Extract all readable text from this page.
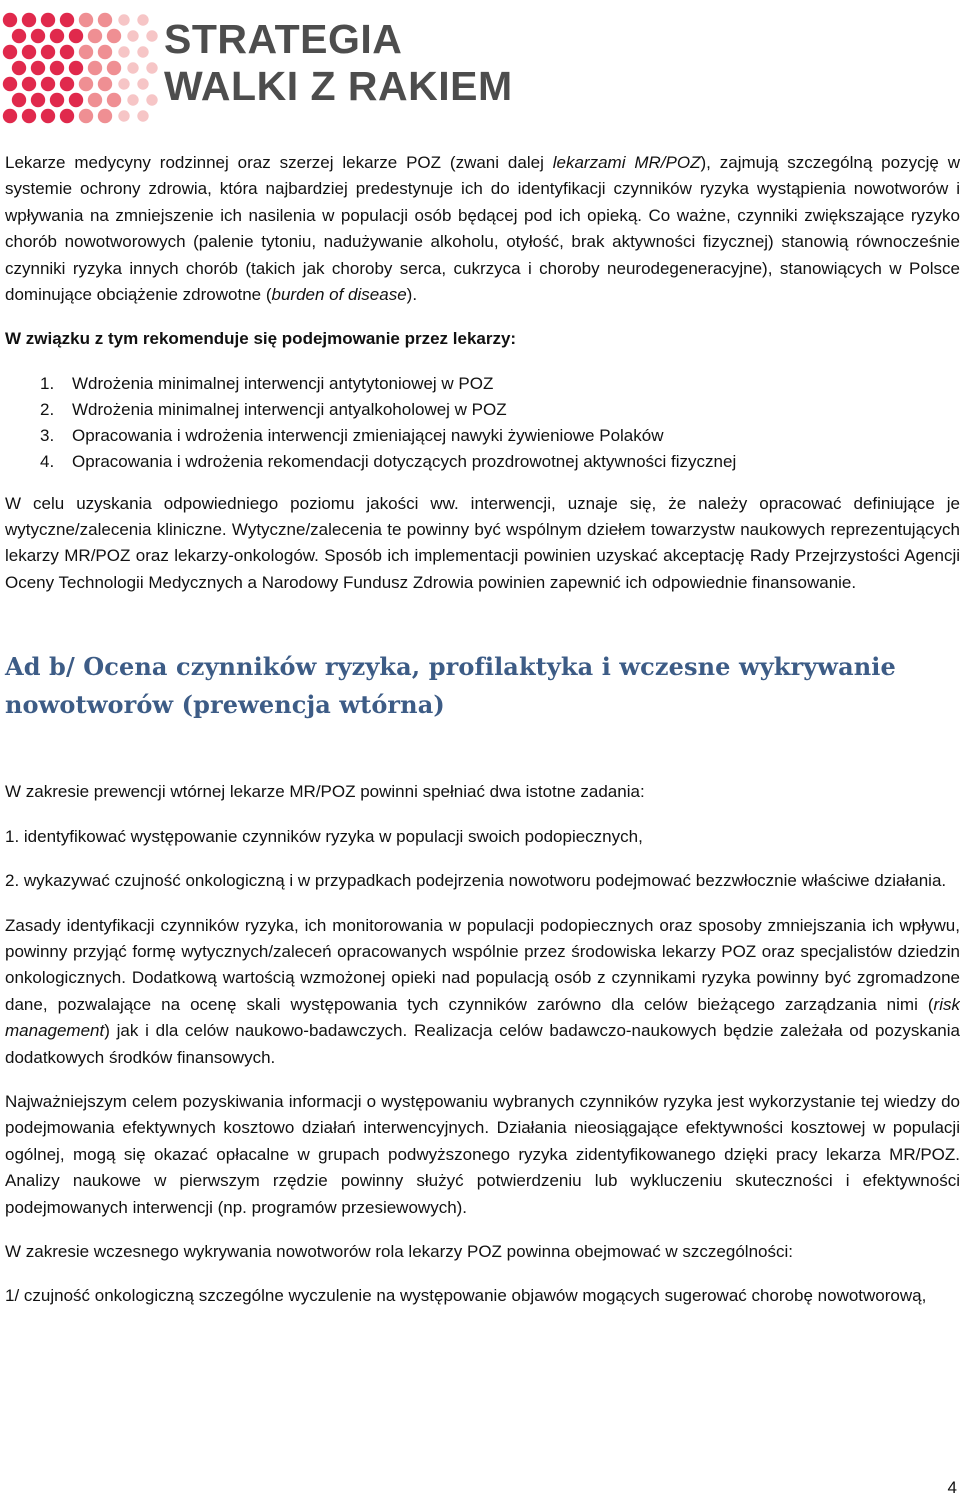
STRATEGIA
WALKI Z RAKIEM

Lekarze medycyny rodzinnej oraz szerzej lekarze POZ (zwani dalej lekarzami MR/POZ), zajmują szczególną pozycję w systemie ochrony zdrowia, która najbardziej predestynuje ich do identyfikacji czynników ryzyka wystąpienia nowotworów i wpływania na zmniejszenie ich nasilenia w populacji osób będącej pod ich opieką. Co ważne, czynniki zwiększające ryzyko chorób nowotworowych (palenie tytoniu, nadużywanie alkoholu, otyłość, brak aktywności fizycznej) stanowią równocześnie czynniki ryzyka innych chorób (takich jak choroby serca, cukrzyca i choroby neurodegeneracyjne), stanowiących w Polsce dominujące obciążenie zdrowotne (burden of disease).

W związku z tym rekomenduje się podejmowanie przez lekarzy:

1. Wdrożenia minimalnej interwencji antytytoniowej w POZ
2. Wdrożenia minimalnej interwencji antyalkoholowej w POZ
3. Opracowania i wdrożenia interwencji zmieniającej nawyki żywieniowe Polaków
4. Opracowania i wdrożenia rekomendacji dotyczących prozdrowotnej aktywności fizycznej

W celu uzyskania odpowiedniego poziomu jakości ww. interwencji, uznaje się, że należy opracować definiujące je wytyczne/zalecenia kliniczne. Wytyczne/zalecenia te powinny być wspólnym dziełem towarzystw naukowych reprezentujących lekarzy MR/POZ oraz lekarzy-onkologów. Sposób ich implementacji powinien uzyskać akceptację Rady Przejrzystości Agencji Oceny Technologii Medycznych a Narodowy Fundusz Zdrowia powinien zapewnić ich odpowiednie finansowanie.

Ad b/ Ocena czynników ryzyka, profilaktyka i wczesne wykrywanie nowotworów (prewencja wtórna)

W zakresie prewencji wtórnej lekarze MR/POZ powinni spełniać dwa istotne zadania:

1. identyfikować występowanie czynników ryzyka w populacji swoich podopiecznych,

2. wykazywać czujność onkologiczną i w przypadkach podejrzenia nowotworu podejmować bezzwłocznie właściwe działania.

Zasady identyfikacji czynników ryzyka, ich monitorowania w populacji podopiecznych oraz sposoby zmniejszania ich wpływu, powinny przyjąć formę wytycznych/zaleceń opracowanych wspólnie przez środowiska lekarzy POZ oraz specjalistów dziedzin onkologicznych. Dodatkową wartością wzmożonej opieki nad populacją osób z czynnikami ryzyka powinny być zgromadzone dane, pozwalające na ocenę skali występowania tych czynników zarówno dla celów bieżącego zarządzania nimi (risk management) jak i dla celów naukowo-badawczych. Realizacja celów badawczo-naukowych będzie zależała od pozyskania dodatkowych środków finansowych.

Najważniejszym celem pozyskiwania informacji o występowaniu wybranych czynników ryzyka jest wykorzystanie tej wiedzy do podejmowania efektywnych kosztowo działań interwencyjnych. Działania nieosiągające efektywności kosztowej w populacji ogólnej, mogą się okazać opłacalne w grupach podwyższonego ryzyka zidentyfikowanego dzięki pracy lekarza MR/POZ. Analizy naukowe w pierwszym rzędzie powinny służyć potwierdzeniu lub wykluczeniu skuteczności i efektywności podejmowanych interwencji (np. programów przesiewowych).

W zakresie wczesnego wykrywania nowotworów rola lekarzy POZ powinna obejmować w szczególności:

1/ czujność onkologiczną szczególne wyczulenie na występowanie objawów mogących sugerować chorobę nowotworową,

4
